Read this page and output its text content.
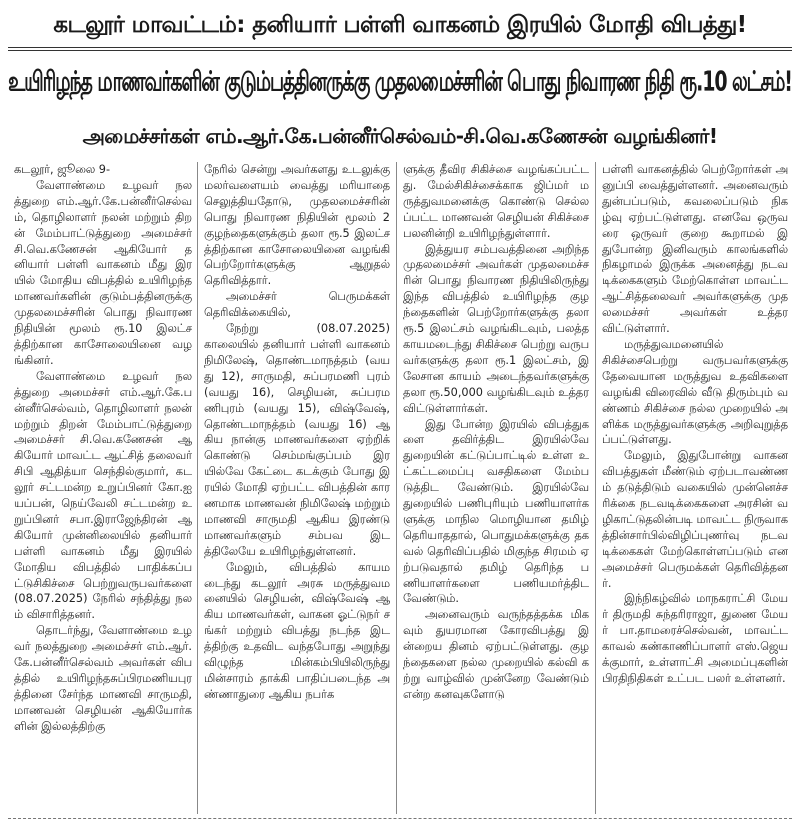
கடலூர் மாவட்டம்: தனியார் பள்ளி வாகனம் இரயில் மோதி விபத்து!
உயிரிழந்த மாணவர்களின் குடும்பத்தினருக்கு முதலமைச்சரின் பொது நிவாரண நிதி ரூ.10 லட்சம்!
அமைச்சர்கள் எம்.ஆர்.கே.பன்னீர்செல்வம்-சி.வெ.கணேசன் வழங்கினர்!

கடலூர், ஜூலை 9-

வேளாண்மை உழவர் நலத்துறை எம்.ஆர்.கே.பன்னீர்செல்வம், தொழிலாளர் நலன் மற்றும் திறன் மேம்பாட்டுத்துறை அமைச்சர் சி.வெ.கணேசன் ஆகியோர் தனியார் பள்ளி வாகனம் மீது இரயில் மோதிய விபத்தில் உயிரிழந்த மாணவர்களின் குடும்பத்தினருக்கு முதலமைச்சரின் பொது நிவாரண நிதியின் மூலம் ரூ.10 இலட்சத்திற்கான காசோலையினை வழங்கினர்.

வேளாண்மை உழவர் நலத்துறை அமைச்சர் எம்.ஆர்.கே.பன்னீர்செல்வம், தொழிலாளர் நலன் மற்றும் திறன் மேம்பாட்டுத்துறை அமைச்சர் சி.வெ.கணேசன் ஆகியோர் மாவட்ட ஆட்சித் தலைவர் சிபி ஆதித்யா செந்தில்குமார், கடலூர் சட்டமன்ற உறுப்பினர் கோ.ஐயப்பன், நெய்வேலி சட்டமன்ற உறுப்பினர் சபா.இராஜேந்திரன் ஆகியோர் முன்னிலையில் தனியார் பள்ளி வாகனம் மீது இரயில் மோதிய விபத்தில் பாதிக்கப்பட்டுசிகிச்சை பெற்றுவருபவர்களை (08.07.2025) நேரில் சந்தித்து நலம் விசாரித்தனர்.

தொடர்ந்து, வேளாண்மை உழவர் நலத்துறை அமைச்சர் எம்.ஆர்.கே.பன்னீர்செல்வம் அவர்கள் விபத்தில் உயிரிழந்தசுப்பிரமணியபுரத்தினை சேர்ந்த மாணவி சாருமதி, மாணவன் செழியன் ஆகியோர்களின் இல்லத்திற்கு

நேரில் சென்று அவர்களது உடலுக்கு மலர்வளையம் வைத்து மரியாதை செலுத்தியதோடு, முதலமைச்சரின் பொது நிவாரண நிதியின் மூலம் 2 குழந்தைகளுக்கும் தலா ரூ.5 இலட்சத்திற்கான காசோலையினை வழங்கி பெற்றோர்களுக்கு ஆறுதல் தெரிவித்தார்.

அமைச்சர் பெருமக்கள் தெரிவிக்கையில்,

நேற்று (08.07.2025) காலையில் தனியார் பள்ளி வாகனம் நிமிலேஷ், தொண்டமாநத்தம் (வயது 12), சாருமதி, சுப்பரமணி புரம் (வயது 16), செழியன், சுப்பரமணிபுரம் (வயது 15), விஷ்வேஷ், தொண்டமாநத்தம் (வயது 16) ஆகிய நான்கு மாணவர்களை ஏற்றிக் கொண்டு செம்மங்குப்பம் இரயில்வே கேட்டை கடக்கும் போது இரயில் மோதி ஏற்பட்ட விபத்தின் காரணமாக மாணவன் நிமிலேஷ் மற்றும் மாணவி சாருமதி ஆகிய இரண்டு மாணவர்களும் சம்பவ இடத்திலேயே உயிரிழந்துள்ளனர்.

மேலும், விபத்தில் காயமடைந்து கடலூர் அரசு மருத்துவமனையில் செழியன், விஷ்வேஷ் ஆகிய மாணவர்கள், வாகன ஓட்டுநர் சங்கர் மற்றும் விபத்து நடந்த இடத்திற்கு உதவிட வந்தபோது அறுந்து விழுந்த மின்கம்பியிலிருந்து மின்சாரம் தாக்கி பாதிப்படைந்த அண்ணாதுரை ஆகிய நபர்க

ளுக்கு தீவிர சிகிச்சை வழங்கப்பட்டது. மேல்சிகிச்சைக்காக ஜிப்மர் மருத்துவமனைக்கு கொண்டு செல்லப்பட்ட மாணவன் செழியன் சிகிச்சை பலனின்றி உயிரிழந்துள்ளார்.

இத்துயர சம்பவத்தினை அறிந்த முதலமைச்சர் அவர்கள் முதலமைச்சரின் பொது நிவாரண நிதியிலிருந்து இந்த விபத்தில் உயிரிழந்த குழந்தைகளின் பெற்றோர்களுக்கு தலா ரூ.5 இலட்சம் வழங்கிடவும், பலத்த காயமடைந்து சிகிச்சை பெற்று வருபவர்களுக்கு தலா ரூ.1 இலட்சம், இலேசான காயம் அடைந்தவர்களுக்கு தலா ரூ.50,000 வழங்கிடவும் உத்தரவிட்டுள்ளார்கள்.

இது போன்ற இரயில் விபத்துகளை தவிர்த்திட இரயில்வே துறையின் கட்டுப்பாட்டில் உள்ள உட்கட்டமைப்பு வசதிகளை மேம்படுத்திட வேண்டும். இரயில்வே துறையில் பணிபுரியும் பணியாளர்களுக்கு மாநில மொழியான தமிழ் தெரியாததால், பொதுமக்களுக்கு தகவல் தெரிவிப்பதில் மிகுந்த சிரமம் ஏற்படுவதால் தமிழ் தெரிந்த பணியாளர்களை பணியமர்த்திட வேண்டும்.

அனைவரும் வருந்தத்தக்க மிகவும் துயரமான கோரவிபத்து இன்றைய தினம் ஏற்பட்டுள்ளது. குழந்தைகளை நல்ல முறையில் கல்வி கற்று வாழ்வில் முன்னேற வேண்டும் என்ற கனவுகளோடு

பள்ளி வாகனத்தில் பெற்றோர்கள் அனுப்பி வைத்துள்ளனர். அனைவரும் துன்பப்படும், கவலைப்படும் நிகழ்வு ஏற்பட்டுள்ளது. எனவே ஒருவரை ஒருவர் குறை கூறாமல் இதுபோன்ற இனிவரும் காலங்களில் நிகழாமல் இருக்க அனைத்து நடவடிக்கைகளும் மேற்கொள்ள மாவட்ட ஆட்சித்தலைவர் அவர்களுக்கு முதலமைச்சர் அவர்கள் உத்தரவிட்டுள்ளார்.

மருத்துவமனையில் சிகிச்சைபெற்று வருபவர்களுக்கு தேவையான மருத்துவ உதவிகளை வழங்கி விரைவில் வீடு திரும்பும் வண்ணம் சிகிச்சை நல்ல முறையில் அளிக்க மருத்துவர்களுக்கு அறிவுறுத்தப்பட்டுள்ளது.

மேலும், இதுபோன்று வாகன விபத்துகள் மீண்டும் ஏற்படாவண்ணம் தடுத்திடும் வகையில் முன்னெச்சரிக்கை நடவடிக்கைகளை அரசின் வழிகாட்டுதலின்படி மாவட்ட நிருவாகத்தின்சார்பில்விழிப்புணர்வு நடவடிக்கைகள் மேற்கொள்ளப்படும் என அமைச்சர் பெருமக்கள் தெரிவித்தனர்.

இந்நிகழ்வில் மாநகராட்சி மேயர் திருமதி சுந்தரிராஜா, துணை மேயர் பா.தாமரைச்செல்வன், மாவட்ட காவல் கண்காணிப்பாளர் எஸ்.ஜெயக்குமார், உள்ளாட்சி அமைப்புகளின் பிரதிநிதிகள் உட்பட பலர் உள்ளனர்.
